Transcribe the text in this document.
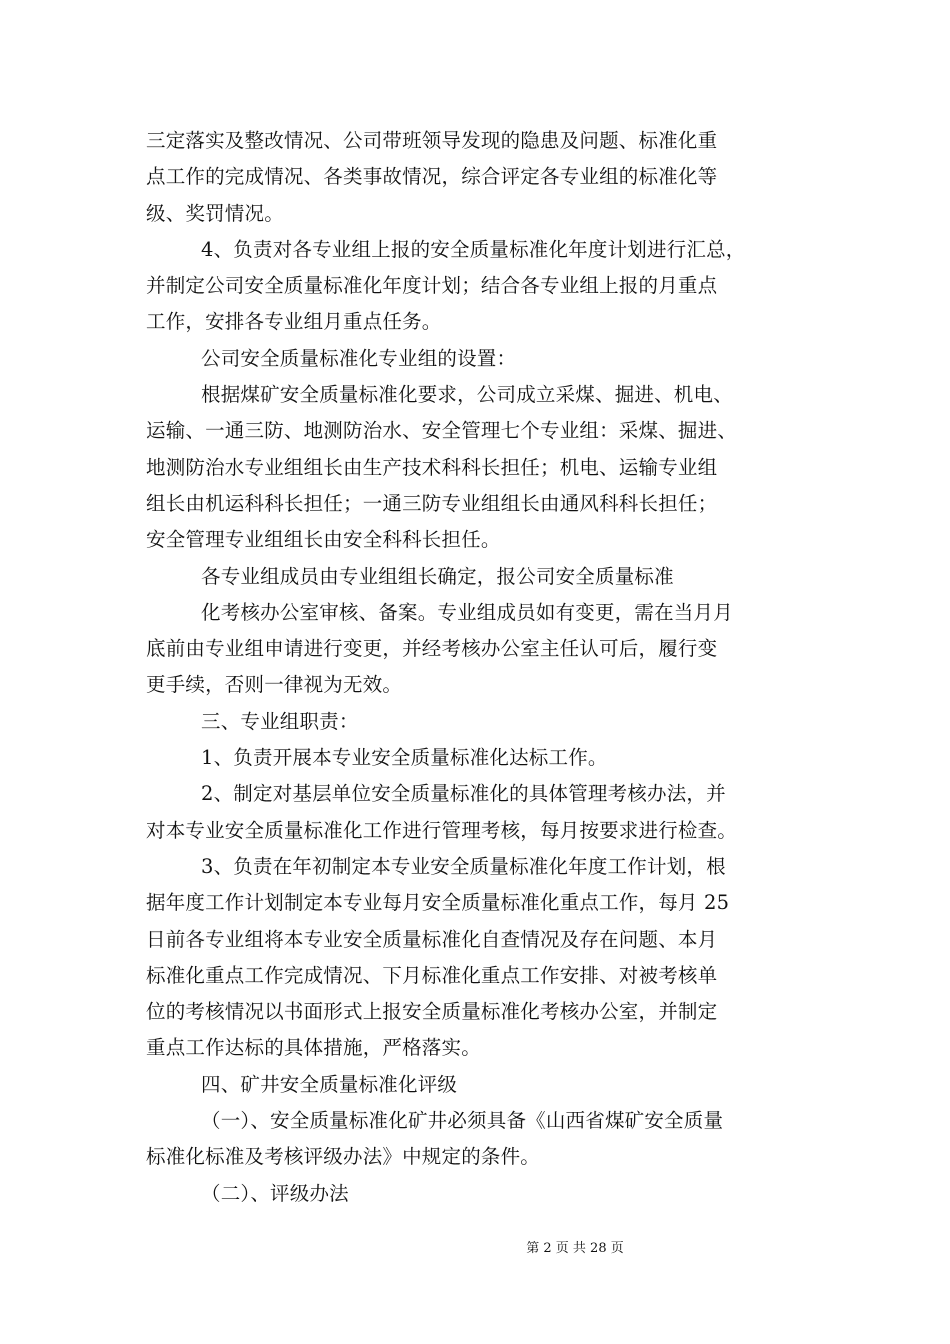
三定落实及整改情况、公司带班领导发现的隐患及问题、标准化重
点工作的完成情况、各类事故情况，综合评定各专业组的标准化等
级、奖罚情况。
4、负责对各专业组上报的安全质量标准化年度计划进行汇总，
并制定公司安全质量标准化年度计划；结合各专业组上报的月重点
工作，安排各专业组月重点任务。
公司安全质量标准化专业组的设置：
根据煤矿安全质量标准化要求，公司成立采煤、掘进、机电、
运输、一通三防、地测防治水、安全管理七个专业组：采煤、掘进、
地测防治水专业组组长由生产技术科科长担任；机电、运输专业组
组长由机运科科长担任；一通三防专业组组长由通风科科长担任；
安全管理专业组组长由安全科科长担任。
各专业组成员由专业组组长确定，报公司安全质量标准
化考核办公室审核、备案。专业组成员如有变更，需在当月月
底前由专业组申请进行变更，并经考核办公室主任认可后，履行变
更手续，否则一律视为无效。
三、专业组职责：
1、负责开展本专业安全质量标准化达标工作。
2、制定对基层单位安全质量标准化的具体管理考核办法，并
对本专业安全质量标准化工作进行管理考核，每月按要求进行检查。
3、负责在年初制定本专业安全质量标准化年度工作计划，根
据年度工作计划制定本专业每月安全质量标准化重点工作，每月 25
日前各专业组将本专业安全质量标准化自查情况及存在问题、本月
标准化重点工作完成情况、下月标准化重点工作安排、对被考核单
位的考核情况以书面形式上报安全质量标准化考核办公室，并制定
重点工作达标的具体措施，严格落实。
四、矿井安全质量标准化评级
（一）、安全质量标准化矿井必须具备《山西省煤矿安全质量
标准化标准及考核评级办法》中规定的条件。
（二）、评级办法
第 2 页 共 28 页
